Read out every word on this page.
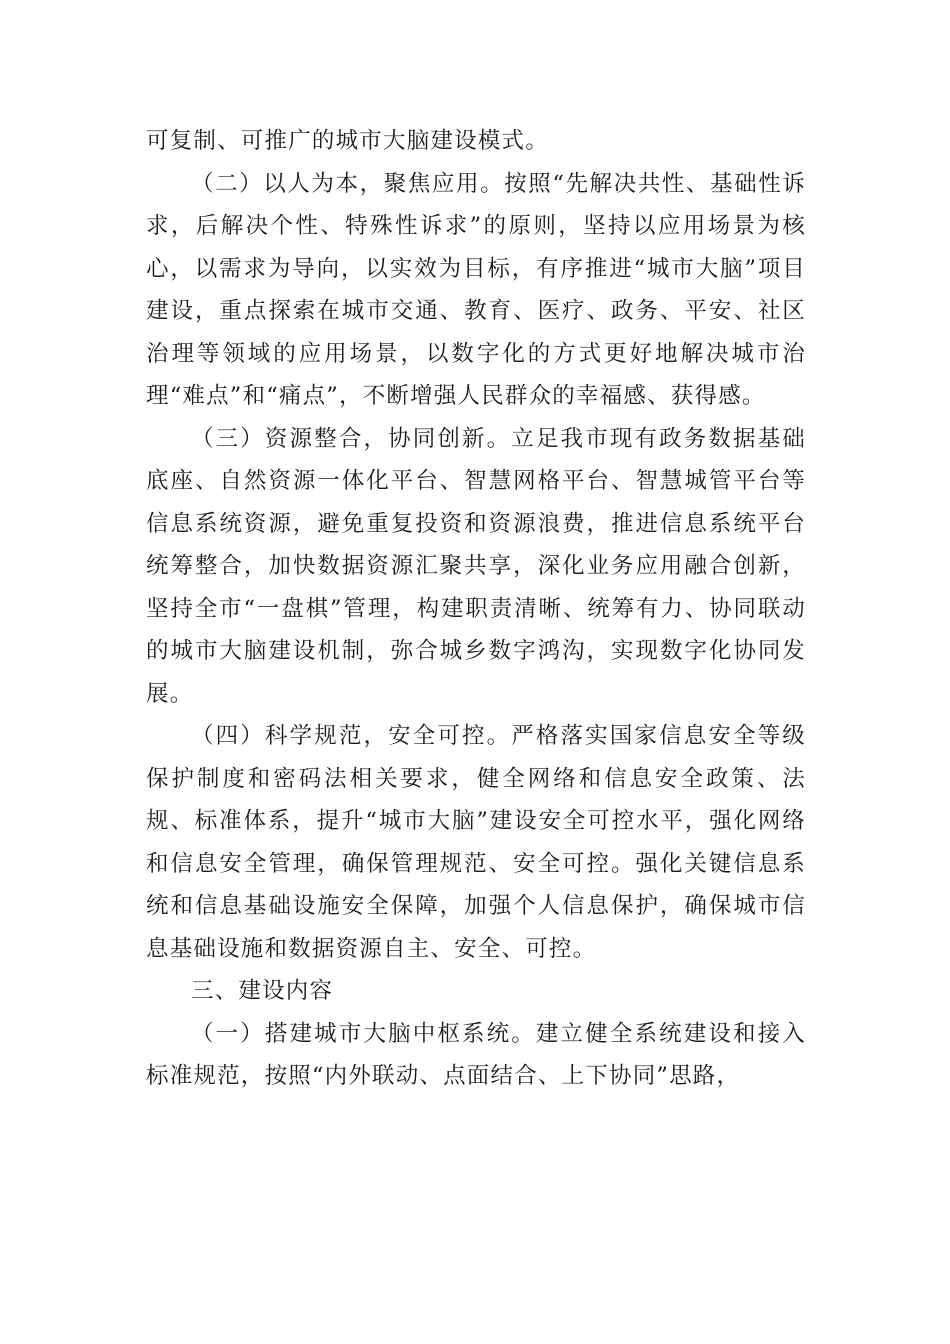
可复制、可推广的城市大脑建设模式。

（二）以人为本，聚焦应用。按照“先解决共性、基础性诉求，后解决个性、特殊性诉求”的原则，坚持以应用场景为核心，以需求为导向，以实效为目标，有序推进“城市大脑”项目建设，重点探索在城市交通、教育、医疗、政务、平安、社区治理等领域的应用场景，以数字化的方式更好地解决城市治理“难点”和“痛点”，不断增强人民群众的幸福感、获得感。

（三）资源整合，协同创新。立足我市现有政务数据基础底座、自然资源一体化平台、智慧网格平台、智慧城管平台等信息系统资源，避免重复投资和资源浪费，推进信息系统平台统筹整合，加快数据资源汇聚共享，深化业务应用融合创新，坚持全市“一盘棋”管理，构建职责清晰、统筹有力、协同联动的城市大脑建设机制，弥合城乡数字鸿沟，实现数字化协同发展。

（四）科学规范，安全可控。严格落实国家信息安全等级保护制度和密码法相关要求，健全网络和信息安全政策、法规、标准体系，提升“城市大脑”建设安全可控水平，强化网络和信息安全管理，确保管理规范、安全可控。强化关键信息系统和信息基础设施安全保障，加强个人信息保护，确保城市信息基础设施和数据资源自主、安全、可控。

三、建设内容

（一）搭建城市大脑中枢系统。建立健全系统建设和接入标准规范，按照“内外联动、点面结合、上下协同”思路，
